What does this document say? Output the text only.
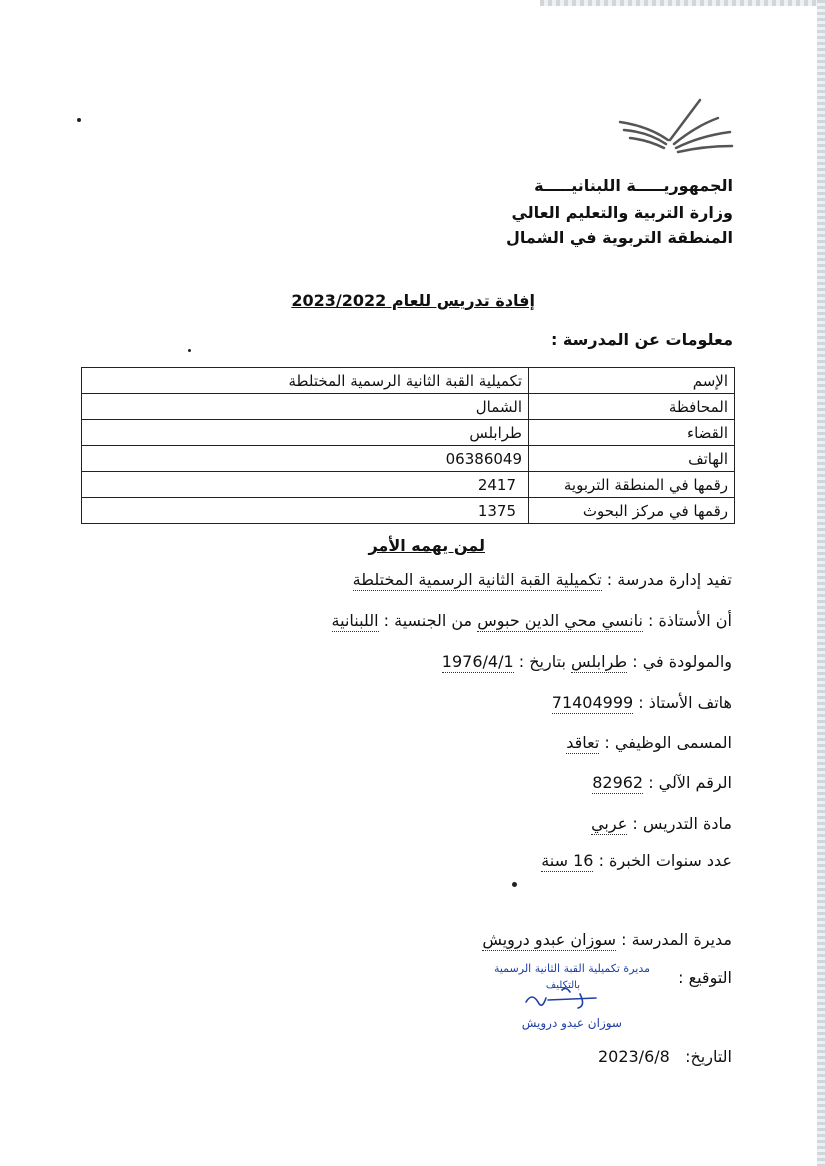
الجمهوريـــــة اللبنانيـــــة
وزارة التربية والتعليم العالي
المنطقة التربوية في الشمال
إفادة تدريس للعام 2023/2022
معلومات عن المدرسة :
الإسم	تكميلية القبة الثانية الرسمية المختلطة
المحافظة	الشمال
القضاء	طرابلس
الهاتف	06386049
رقمها في المنطقة التربوية	2417
رقمها في مركز البحوث	1375
لمن يهمه الأمر
تفيد إدارة مدرسة : تكميلية القبة الثانية الرسمية المختلطة
أن الأستاذة : نانسي محي الدين حبوس من الجنسية : اللبنانية
والمولودة في : طرابلس بتاريخ : 1976/4/1
هاتف الأستاذ : 71404999
المسمى الوظيفي : تعاقد
الرقم الآلي : 82962
مادة التدريس : عربي
عدد سنوات الخبرة : 16 سنة
مديرة المدرسة : سوزان عبدو درويش
التوقيع :
مديرة تكميلية القبة الثانية الرسمية
بالتكليف
سوزان عبدو درويش
التاريخ:   2023/6/8
